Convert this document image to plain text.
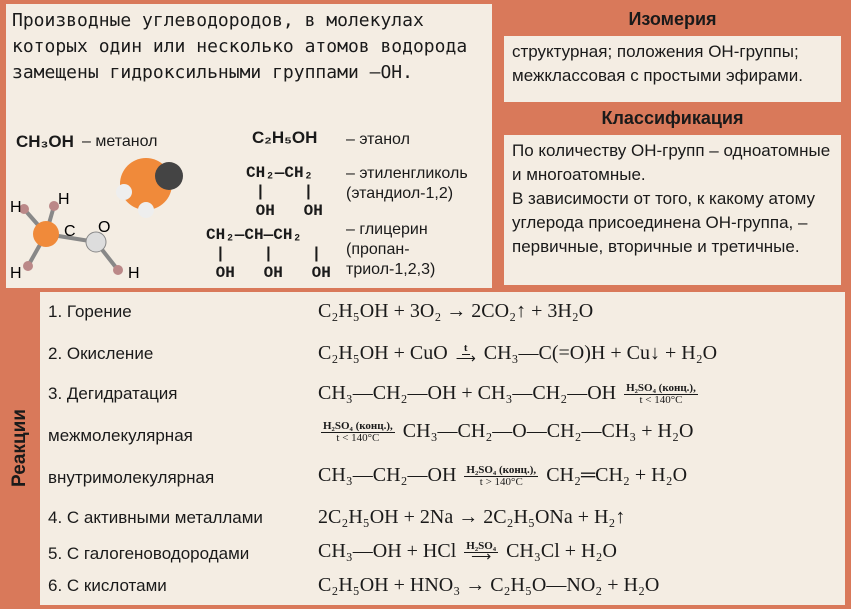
Производные углеводородов, в молекулах которых один или несколько атомов водорода замещены гидроксильными группами —ОН.
CH₃OH – метанол	C₂H₅OH – этанол
CH₂—CH₂
|    |
OH   OH
– этиленгликоль (этандиол-1,2)
CH₂—CH—CH₂
|    |    |
OH   OH   OH
– глицерин (пропан-триол-1,2,3)
H H
C O
H	H
Изомерия
структурная; положения ОН-группы; межклассовая с простыми эфирами.
Классификация
По количеству ОН-групп – одноатомные и многоатомные.
В зависимости от того, к какому атому углерода присоединена ОН-группа, – первичные, вторичные и третичные.
Реакции
1. Горение	C₂H₅OH + 3O₂ → 2CO₂↑ + 3H₂O
2. Окисление	C₂H₅OH + CuO t
⟶ CH₃—C(=O)H + Cu↓ + H₂O
3. Дегидратация	CH₃—CH₂—OH + CH₃—CH₂—OH H₂SO₄ (конц.),
t < 140°C
межмолекулярная	H₂SO₄ (конц.),
t < 140°C CH₃—CH₂—O—CH₂—CH₃ + H₂O
внутримолекулярная	CH₃—CH₂—OH H₂SO₄ (конц.),
t > 140°C CH₂═CH₂ + H₂O
4. С активными металлами	2C₂H₅OH + 2Na → 2C₂H₅ONa + H₂↑
5. С галогеноводородами	CH₃—OH + HCl H₂SO₄
⟶ CH₃Cl + H₂O
6. С кислотами	C₂H₅OH + HNO₃ → C₂H₅O—NO₂ + H₂O
